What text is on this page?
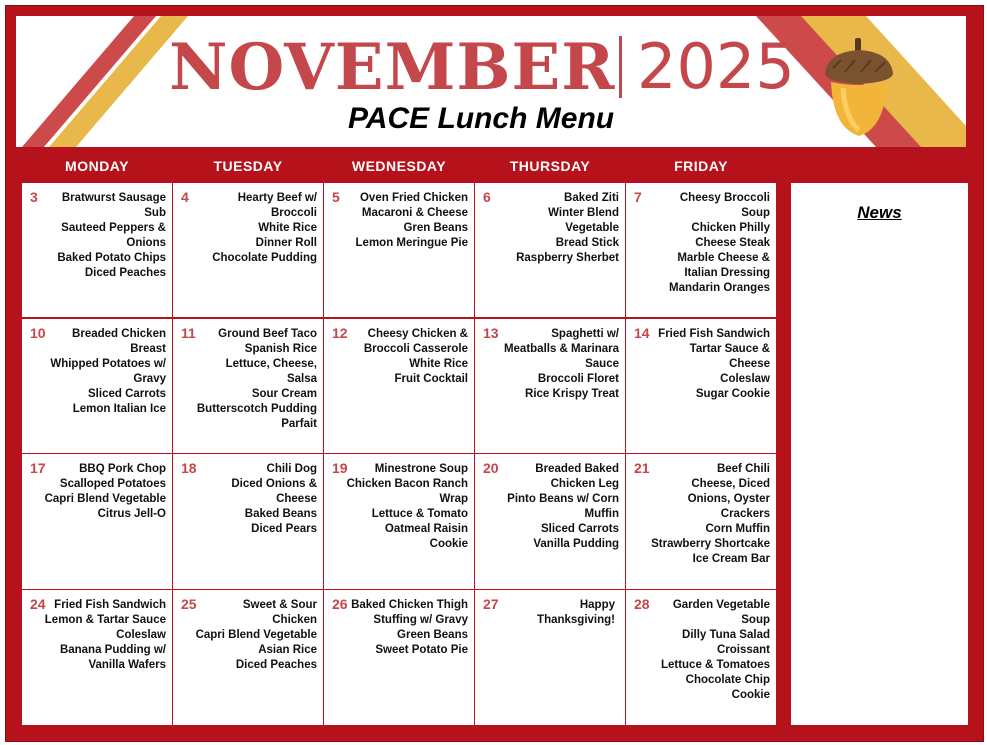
NOVEMBER 2025
PACE Lunch Menu
MONDAY	TUESDAY	WEDNESDAY	THURSDAY	FRIDAY
3	Bratwurst Sausage Sub
Sauteed Peppers & Onions
Baked Potato Chips
Diced Peaches
4	Hearty Beef w/ Broccoli
White Rice
Dinner Roll
Chocolate Pudding
5	Oven Fried Chicken
Macaroni & Cheese
Gren Beans
Lemon Meringue Pie
6	Baked Ziti
Winter Blend Vegetable
Bread Stick
Raspberry Sherbet
7	Cheesy Broccoli Soup
Chicken Philly Cheese Steak
Marble Cheese & Italian Dressing
Mandarin Oranges
10	Breaded Chicken Breast
Whipped Potatoes w/ Gravy
Sliced Carrots
Lemon Italian Ice
11	Ground Beef Taco
Spanish Rice
Lettuce, Cheese, Salsa
Sour Cream
Butterscotch Pudding Parfait
12	Cheesy Chicken & Broccoli Casserole
White Rice
Fruit Cocktail
13	Spaghetti w/ Meatballs & Marinara Sauce
Broccoli Floret
Rice Krispy Treat
14 Fried Fish Sandwich
Tartar Sauce & Cheese
Coleslaw
Sugar Cookie
17	BBQ Pork Chop
Scalloped Potatoes
Capri Blend Vegetable
Citrus Jell-O
18	Chili Dog
Diced Onions & Cheese
Baked Beans
Diced Pears
19	Minestrone Soup
Chicken Bacon Ranch Wrap
Lettuce & Tomato
Oatmeal Raisin Cookie
20	Breaded Baked Chicken Leg
Pinto Beans w/ Corn Muffin
Sliced Carrots
Vanilla Pudding
21	Beef Chili
Cheese, Diced Onions, Oyster Crackers
Corn Muffin
Strawberry Shortcake Ice Cream Bar
24 Fried Fish Sandwich
Lemon & Tartar Sauce
Coleslaw
Banana Pudding w/ Vanilla Wafers
25	Sweet & Sour Chicken
Capri Blend Vegetable
Asian Rice
Diced Peaches
26 Baked Chicken Thigh
Stuffing w/ Gravy
Green Beans
Sweet Potato Pie
27	Happy Thanksgiving!
28	Garden Vegetable Soup
Dilly Tuna Salad Croissant
Lettuce & Tomatoes
Chocolate Chip Cookie
News
